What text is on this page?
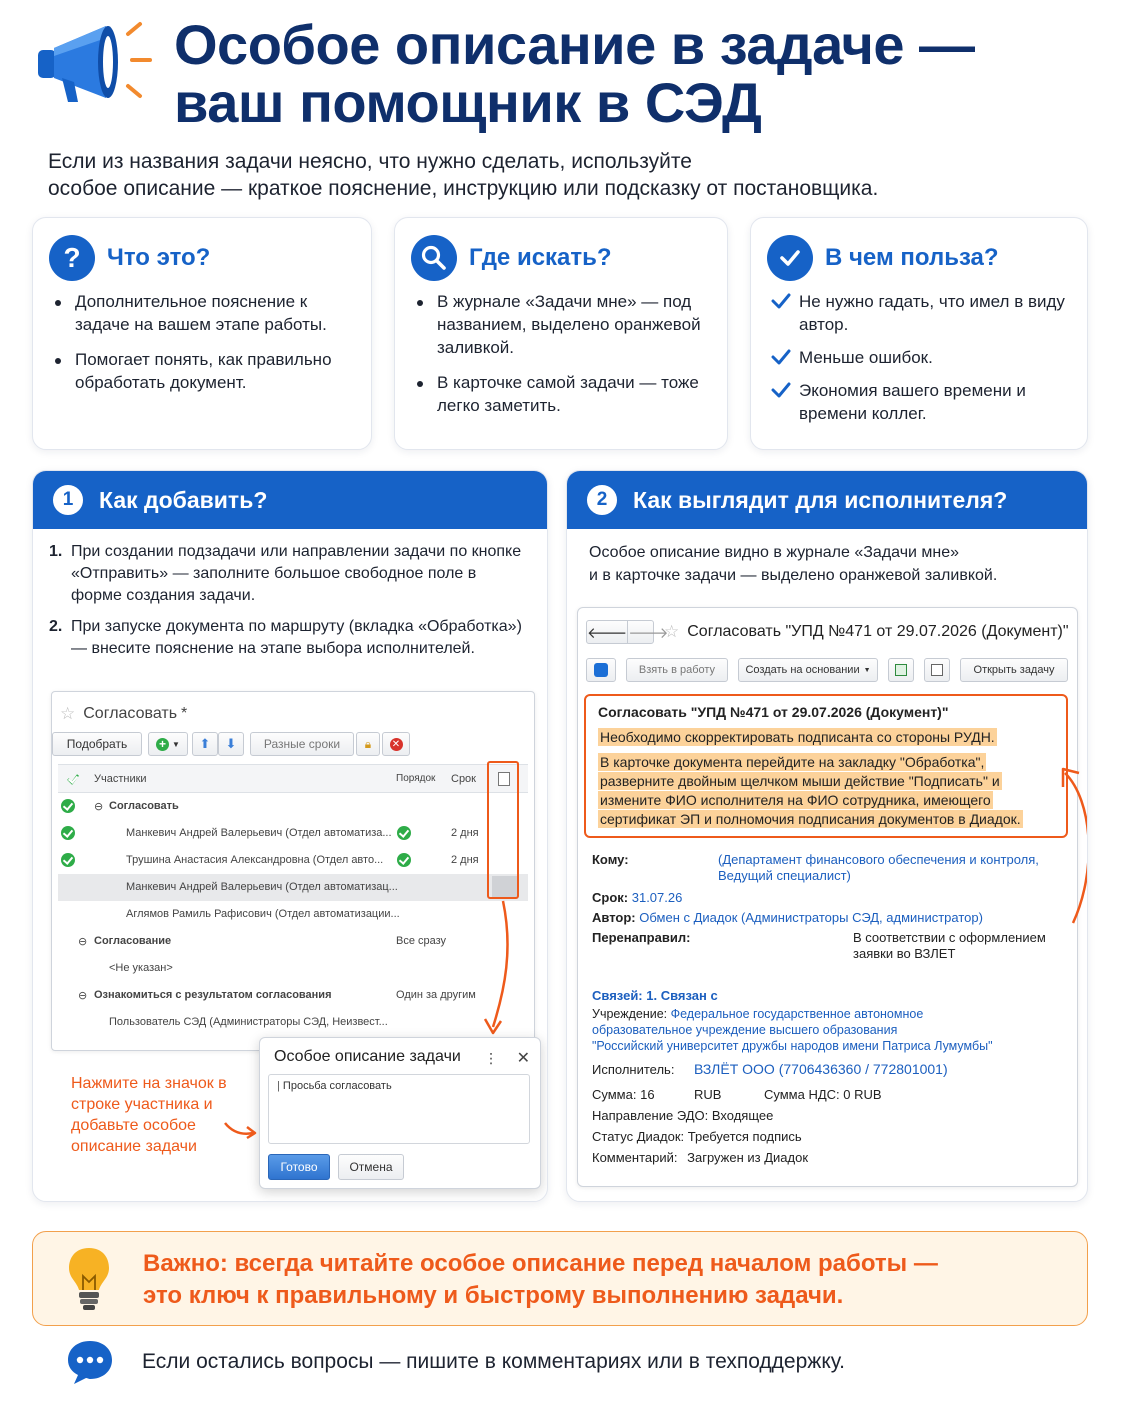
Особое описание в задаче —
ваш помощник в СЭД
Если из названия задачи неясно, что нужно сделать, используйте
особое описание — краткое пояснение, инструкцию или подсказку от постановщика.
?	Что это?
Дополнительное пояснение к задаче на вашем этапе работы.
Помогает понять, как правильно обработать документ.
Где искать?
В журнале «Задачи мне» — под названием, выделено оранжевой заливкой.
В карточке самой задачи — тоже легко заметить.
В чем польза?
Не нужно гадать, что имел в виду автор.
Меньше ошибок.
Экономия вашего времени и времени коллег.
1	Как добавить?
1. При создании подзадачи или направлении задачи по кнопке «Отправить» — заполните большое свободное поле в форме создания задачи.
2. При запуске документа по маршруту (вкладка «Обработка») — внесите пояснение на этапе выбора исполнителей.
☆ Согласовать *
Подобрать	+ ▼ ⬆ ⬇ Разные сроки 🔒︎ ✕
Участники	Порядок Срок
⊖ Согласовать
Манкевич Андрей Валерьевич (Отдел автоматиза...	2 дня
Трушина Анастасия Александровна (Отдел авто...	2 дня
Манкевич Андрей Валерьевич (Отдел автоматизац...
Аглямов Рамиль Рафисович (Отдел автоматизации...
⊖ Согласование	Все сразу
<Не указан>
⊖ Ознакомиться с результатом согласования	Один за другим
Пользователь СЭД (Администраторы СЭД, Неизвест...
Особое описание задачи ⋮ ✕
| Просьба согласовать
Готово	Отмена
Нажмите на значок в строке участника и добавьте особое описание задачи
2	Как выглядит для исполнителя?
Особое описание видно в журнале «Задачи мне»
и в карточке задачи — выделено оранжевой заливкой.
🡐 🡒
☆ Согласовать "УПД №471 от 29.07.2026 (Документ)"
Взять в работу	Создать на основании ▼	Открыть задачу
Согласовать "УПД №471 от 29.07.2026 (Документ)"
Необходимо скорректировать подписанта со стороны РУДН.
В карточке документа перейдите на закладку "Обработка", разверните двойным щелчком мыши действие "Подписать" и измените ФИО исполнителя на ФИО сотрудника, имеющего сертификат ЭП и полномочия подписания документов в Диадок.
Кому:	(Департамент финансового обеспечения и контроля,
Ведущий специалист)
Срок: 31.07.26
Автор: Обмен с Диадок (Администраторы СЭД, администратор)
Перенаправил:	В соответствии с оформлением
заявки во ВЗЛЕТ
Связей: 1. Связан с
Учреждение: Федеральное государственное автономное
образовательное учреждение высшего образования
"Российский университет дружбы народов имени Патриса Лумумбы"
Исполнитель: ВЗЛЁТ ООО (7706436360 / 772801001)
Сумма: 16	RUB	Сумма НДС: 0 RUB
Направление ЭДО: Входящее
Статус Диадок: Требуется подпись
Комментарий: Загружен из Диадок
Важно: всегда читайте особое описание перед началом работы —
это ключ к правильному и быстрому выполнению задачи.
Если остались вопросы — пишите в комментариях или в техподдержку.
